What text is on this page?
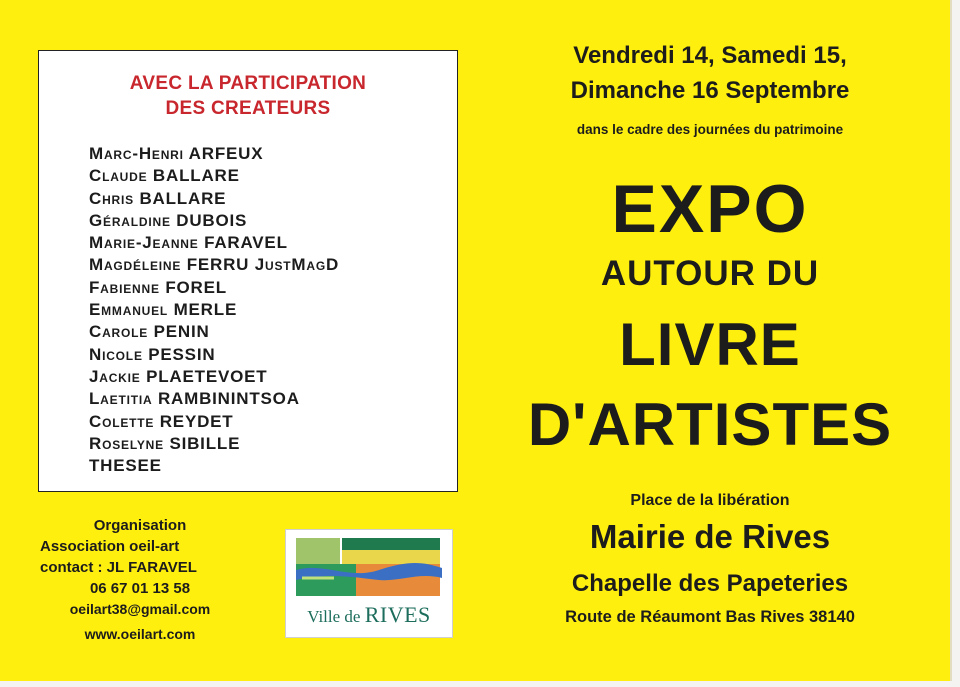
AVEC LA PARTICIPATION
DES CREATEURS
Marc-Henri ARFEUX
Claude BALLARE
Chris BALLARE
Géraldine DUBOIS
Marie-Jeanne FARAVEL
Magdéleine FERRU JustMagD
Fabienne FOREL
Emmanuel MERLE
Carole PENIN
Nicole PESSIN
Jackie PLAETEVOET
Laetitia RAMBININTSOA
Colette REYDET
Roselyne SIBILLE
THESEE
Organisation
Association oeil-art
contact : JL FARAVEL
06 67 01 13 58
oeilart38@gmail.com
www.oeilart.com
Ville de RIVES
Vendredi 14, Samedi 15,
Dimanche 16 Septembre
dans le cadre des journées du patrimoine
EXPO
AUTOUR DU
LIVRE
D'ARTISTES
Place de la libération
Mairie de Rives
Chapelle des Papeteries
Route de Réaumont Bas Rives 38140
